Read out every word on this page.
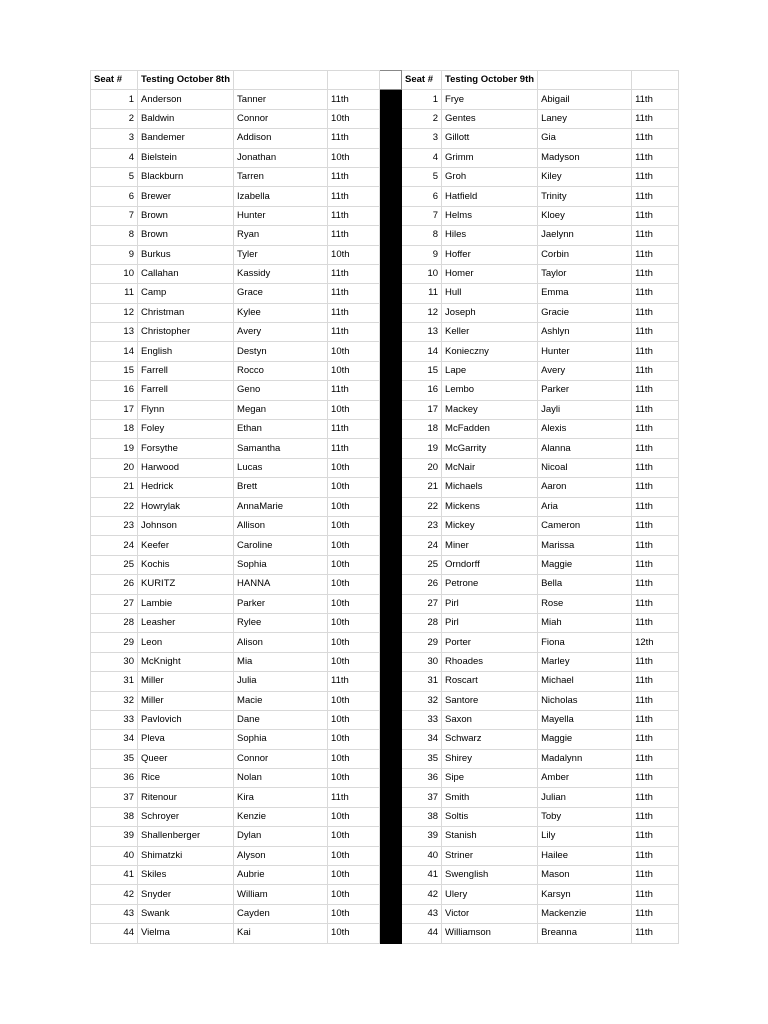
Seat #	Testing October 8th				Seat #	Testing October 9th		
1	Anderson	Tanner	11th		1	Frye	Abigail	11th
2	Baldwin	Connor	10th		2	Gentes	Laney	11th
3	Bandemer	Addison	11th		3	Gillott	Gia	11th
4	Bielstein	Jonathan	10th		4	Grimm	Madyson	11th
5	Blackburn	Tarren	11th		5	Groh	Kiley	11th
6	Brewer	Izabella	11th		6	Hatfield	Trinity	11th
7	Brown	Hunter	11th		7	Helms	Kloey	11th
8	Brown	Ryan	11th		8	Hiles	Jaelynn	11th
9	Burkus	Tyler	10th		9	Hoffer	Corbin	11th
10	Callahan	Kassidy	11th		10	Homer	Taylor	11th
11	Camp	Grace	11th		11	Hull	Emma	11th
12	Christman	Kylee	11th		12	Joseph	Gracie	11th
13	Christopher	Avery	11th		13	Keller	Ashlyn	11th
14	English	Destyn	10th		14	Konieczny	Hunter	11th
15	Farrell	Rocco	10th		15	Lape	Avery	11th
16	Farrell	Geno	11th		16	Lembo	Parker	11th
17	Flynn	Megan	10th		17	Mackey	Jayli	11th
18	Foley	Ethan	11th		18	McFadden	Alexis	11th
19	Forsythe	Samantha	11th		19	McGarrity	Alanna	11th
20	Harwood	Lucas	10th		20	McNair	Nicoal	11th
21	Hedrick	Brett	10th		21	Michaels	Aaron	11th
22	Howrylak	AnnaMarie	10th		22	Mickens	Aria	11th
23	Johnson	Allison	10th		23	Mickey	Cameron	11th
24	Keefer	Caroline	10th		24	Miner	Marissa	11th
25	Kochis	Sophia	10th		25	Orndorff	Maggie	11th
26	KURITZ	HANNA	10th		26	Petrone	Bella	11th
27	Lambie	Parker	10th		27	Pirl	Rose	11th
28	Leasher	Rylee	10th		28	Pirl	Miah	11th
29	Leon	Alison	10th		29	Porter	Fiona	12th
30	McKnight	Mia	10th		30	Rhoades	Marley	11th
31	Miller	Julia	11th		31	Roscart	Michael	11th
32	Miller	Macie	10th		32	Santore	Nicholas	11th
33	Pavlovich	Dane	10th		33	Saxon	Mayella	11th
34	Pleva	Sophia	10th		34	Schwarz	Maggie	11th
35	Queer	Connor	10th		35	Shirey	Madalynn	11th
36	Rice	Nolan	10th		36	Sipe	Amber	11th
37	Ritenour	Kira	11th		37	Smith	Julian	11th
38	Schroyer	Kenzie	10th		38	Soltis	Toby	11th
39	Shallenberger	Dylan	10th		39	Stanish	Lily	11th
40	Shimatzki	Alyson	10th		40	Striner	Hailee	11th
41	Skiles	Aubrie	10th		41	Swenglish	Mason	11th
42	Snyder	William	10th		42	Ulery	Karsyn	11th
43	Swank	Cayden	10th		43	Victor	Mackenzie	11th
44	Vielma	Kai	10th		44	Williamson	Breanna	11th
